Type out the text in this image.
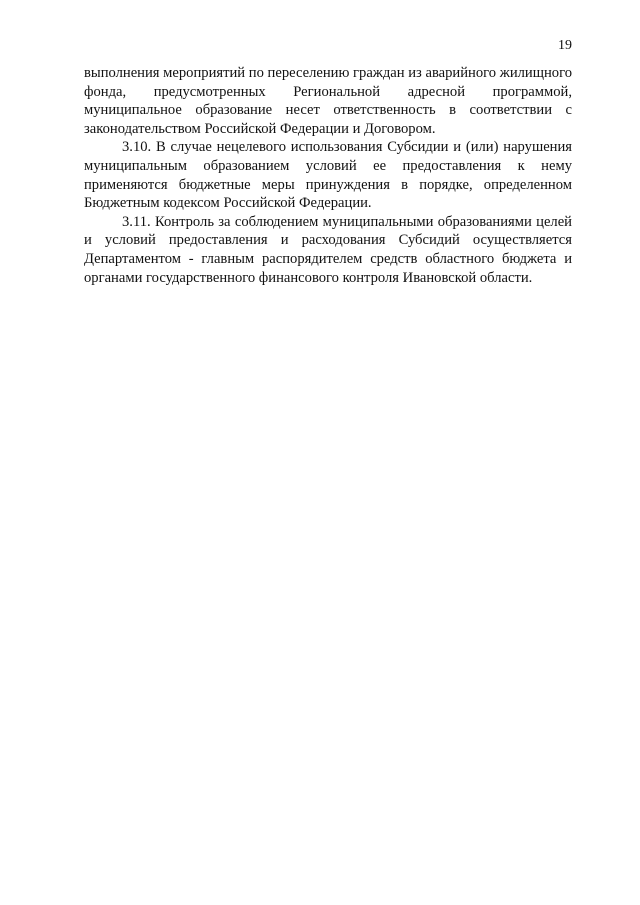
19

выполнения мероприятий по переселению граждан из аварийного жилищного фонда, предусмотренных Региональной адресной программой, муниципальное образование несет ответственность в соответствии с законодательством Российской Федерации и Договором.

3.10. В случае нецелевого использования Субсидии и (или) нарушения муниципальным образованием условий ее предоставления к нему применяются бюджетные меры принуждения в порядке, определенном Бюджетным кодексом Российской Федерации.

3.11. Контроль за соблюдением муниципальными образованиями целей и условий предоставления и расходования Субсидий осуществляется Департаментом - главным распорядителем средств областного бюджета и органами государственного финансового контроля Ивановской области.
